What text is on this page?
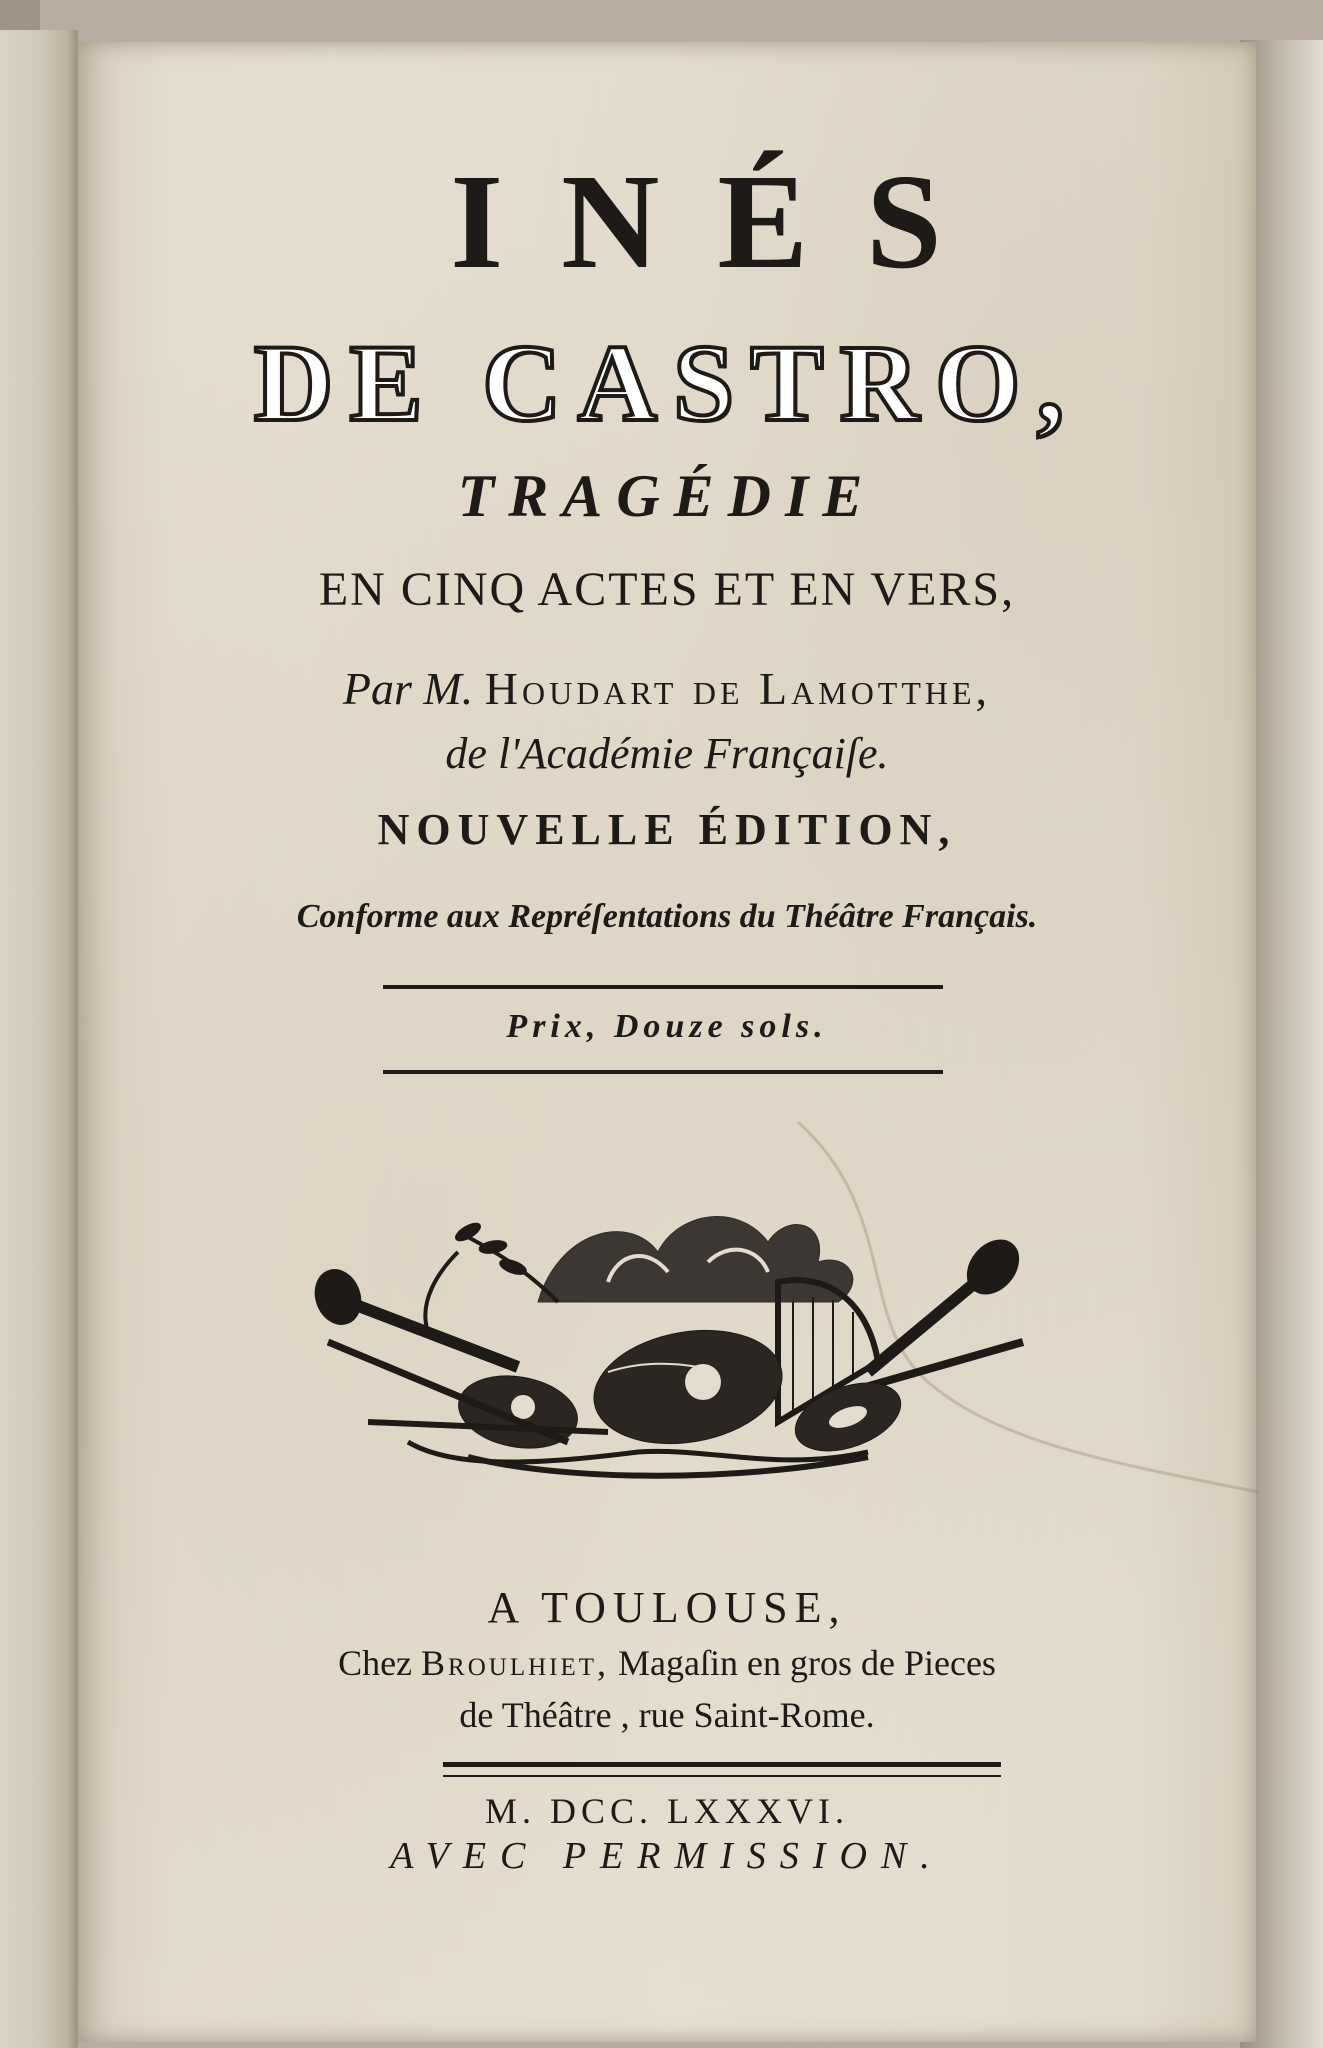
INÉS
DE CASTRO,
TRAGÉDIE
EN CINQ ACTES ET EN VERS,
Par M. Houdart de Lamotthe,
de l'Académie Françaiſe.
NOUVELLE ÉDITION,
Conforme aux Repréſentations du Théâtre Français.
Prix, Douze sols.
A TOULOUSE,
Chez Broulhiet, Magaſin en gros de Pieces
de Théâtre , rue Saint-Rome.
M. DCC. LXXXVI.
AVEC PERMISSION.
